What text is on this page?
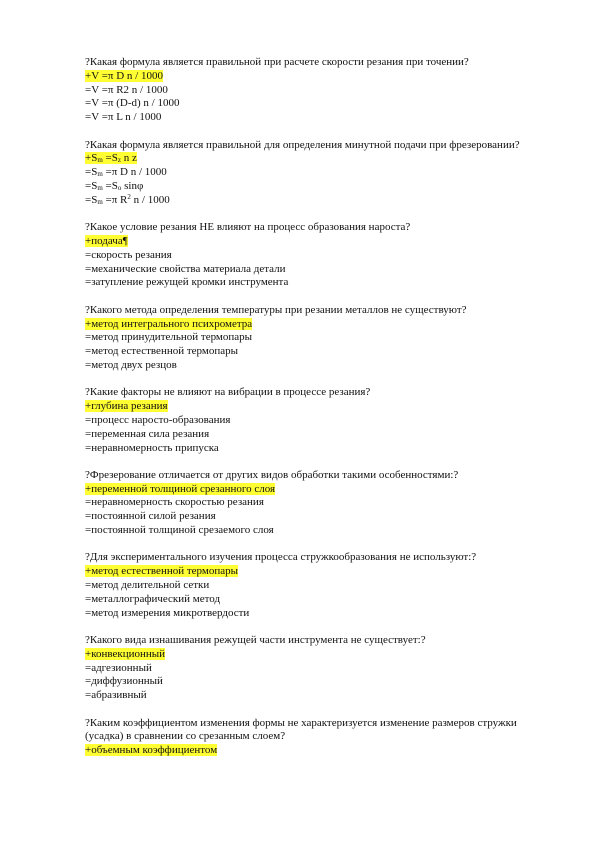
?Какая формула является правильной при расчете скорости резания при точении?
+V =π D n / 1000
=V =π R2 n / 1000
=V =π (D-d) n / 1000
=V =π L n / 1000
?Какая формула является правильной для определения минутной подачи при фрезеровании?
$+S_m =S_z$ n z
$=S_m =\pi$ D n / 1000
$=S_m =S_o$ sinφ
$=S_m =\pi$ $R^2$ n / 1000
?Какое условие резания НЕ влияют на процесс образования нароста?
+подача¶
=скорость резания
=механические свойства материала детали
=затупление режущей кромки инструмента
?Какого метода определения температуры при резании металлов не существуют?
+метод интегрального психрометра
=метод принудительной термопары
=метод естественной термопары
=метод двух резцов
?Какие факторы не влияют на вибрации в процессе резания?
+глубина резания
=процесс наросто-образования
=переменная сила резания
=неравномерность припуска
?Фрезерование отличается от других видов обработки такими особенностями:?
+переменной толщиной срезанного слоя
=неравномерность скоростью резания
=постоянной силой резания
=постоянной толщиной срезаемого слоя
?Для экспериментального изучения процесса стружкообразования не используют:?
+метод естественной термопары
=метод делительной сетки
=металлографический метод
=метод измерения микротвердости
?Какого вида изнашивания режущей части инструмента не существует:?
+конвекционный
=адгезионный
=диффузионный
=абразивный
?Каким коэффициентом изменения формы не характеризуется изменение размеров стружки (усадка) в сравнении со срезанным слоем?
+объемным коэффициентом
